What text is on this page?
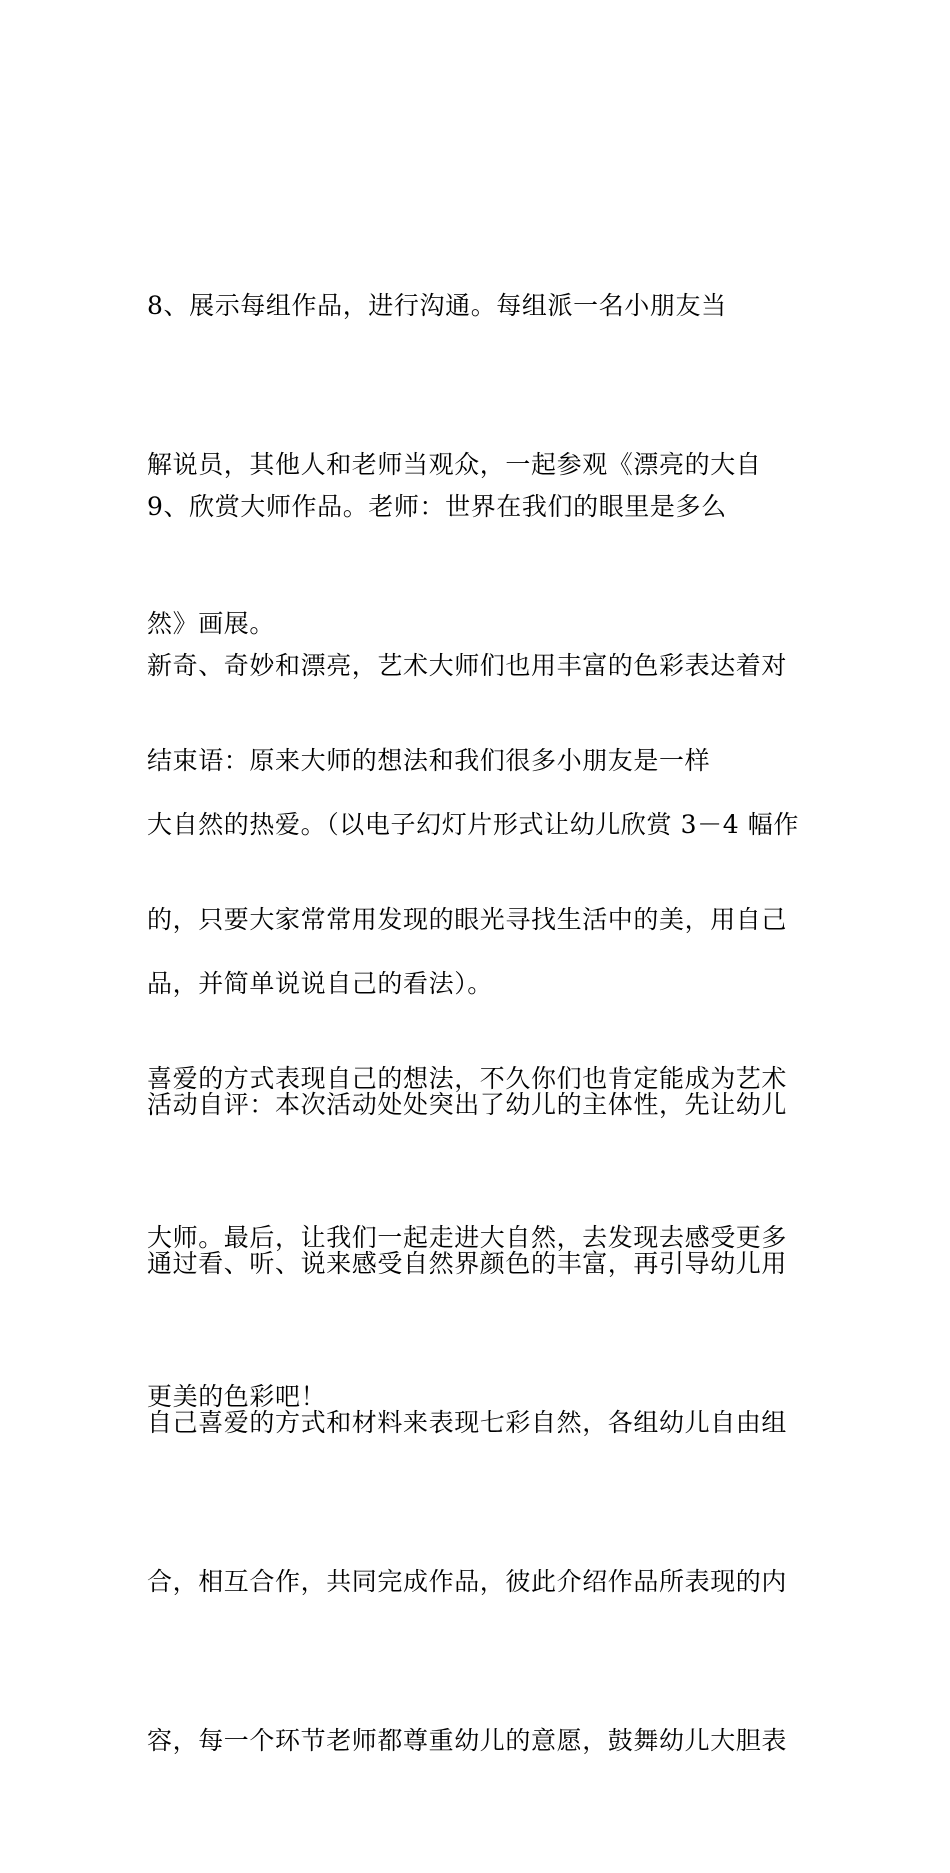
8、展示每组作品，进行沟通。每组派一名小朋友当

解说员，其他人和老师当观众，一起参观《漂亮的大自

然》画展。

9、欣赏大师作品。老师：世界在我们的眼里是多么

新奇、奇妙和漂亮，艺术大师们也用丰富的色彩表达着对

大自然的热爱。（以电子幻灯片形式让幼儿欣赏 3－4 幅作

品，并简单说说自己的看法）。

结束语：原来大师的想法和我们很多小朋友是一样

的，只要大家常常用发现的眼光寻找生活中的美，用自己

喜爱的方式表现自己的想法，不久你们也肯定能成为艺术

大师。最后，让我们一起走进大自然，去发现去感受更多

更美的色彩吧！

活动自评：本次活动处处突出了幼儿的主体性，先让幼儿

通过看、听、说来感受自然界颜色的丰富，再引导幼儿用

自己喜爱的方式和材料来表现七彩自然，各组幼儿自由组

合，相互合作，共同完成作品，彼此介绍作品所表现的内

容，每一个环节老师都尊重幼儿的意愿，鼓舞幼儿大胆表
